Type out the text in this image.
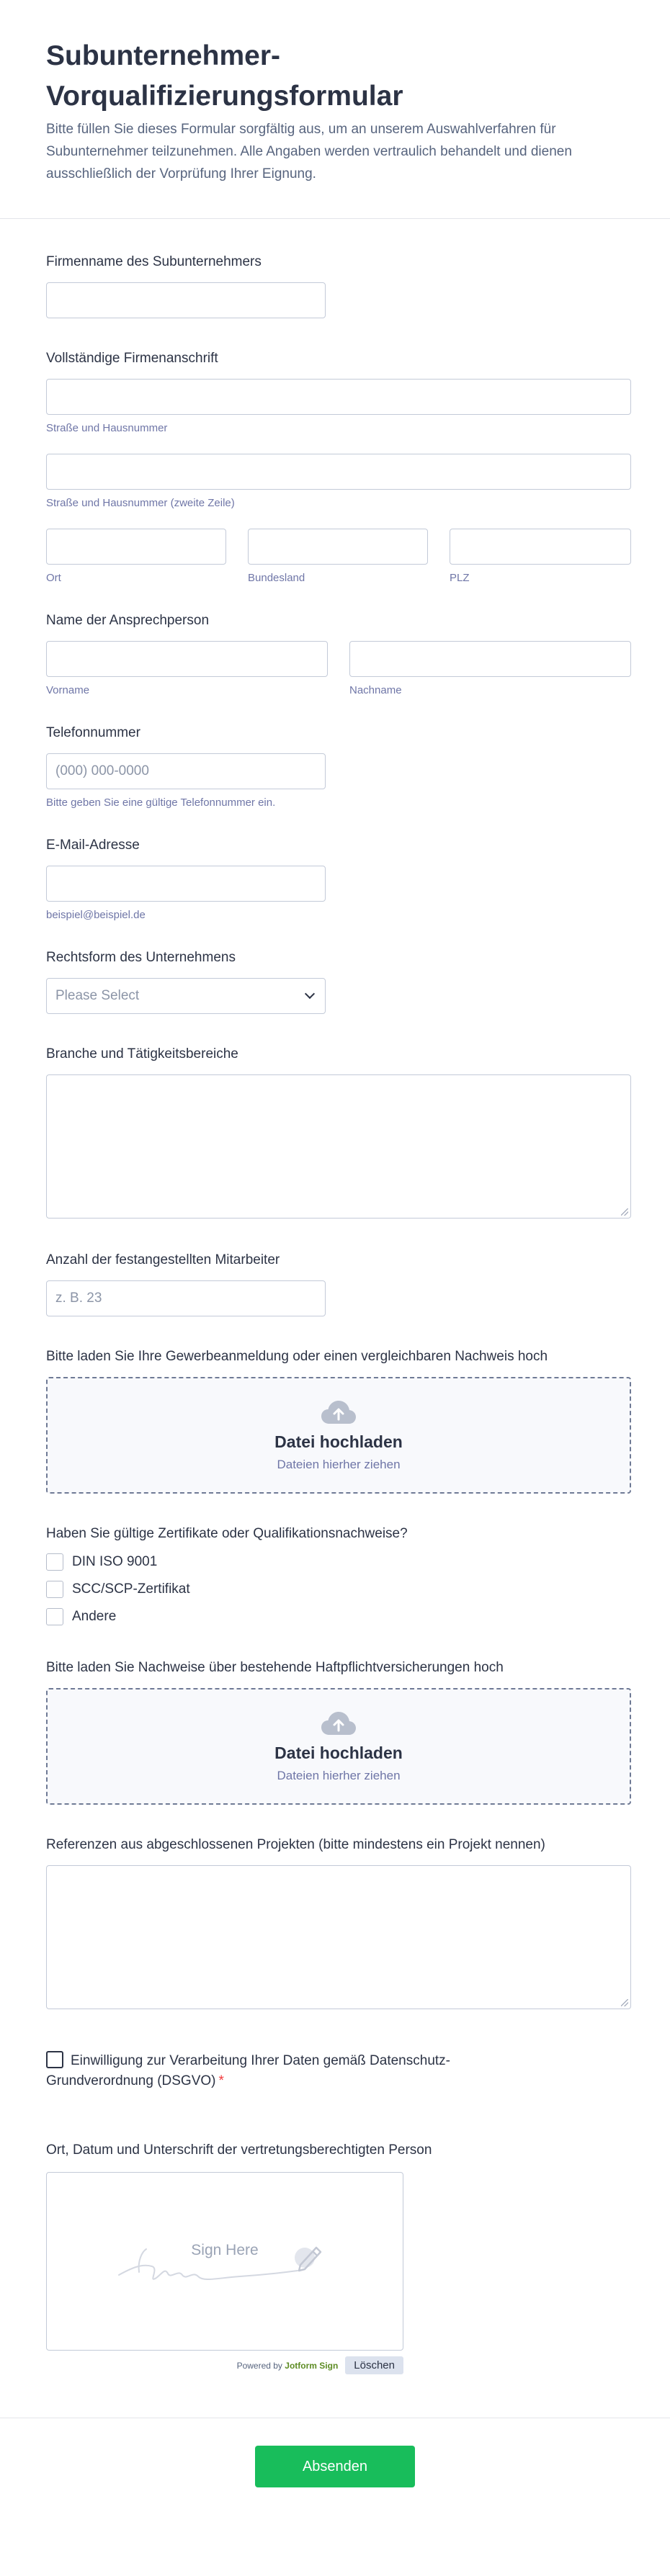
Subunternehmer-Vorqualifizierungsformular

Bitte füllen Sie dieses Formular sorgfältig aus, um an unserem Auswahlverfahren für Subunternehmer teilzunehmen. Alle Angaben werden vertraulich behandelt und dienen ausschließlich der Vorprüfung Ihrer Eignung.

Firmenname des Subunternehmers
Vollständige Firmenanschrift
Straße und Hausnummer
Straße und Hausnummer (zweite Zeile)
Ort	Bundesland	PLZ
Name der Ansprechperson
Vorname	Nachname
Telefonnummer
(000) 000-0000
Bitte geben Sie eine gültige Telefonnummer ein.
E-Mail-Adresse
beispiel@beispiel.de
Rechtsform des Unternehmens
Please Select
Branche und Tätigkeitsbereiche
Anzahl der festangestellten Mitarbeiter
z. B. 23
Bitte laden Sie Ihre Gewerbeanmeldung oder einen vergleichbaren Nachweis hoch
Datei hochladen
Dateien hierher ziehen
Haben Sie gültige Zertifikate oder Qualifikationsnachweise?
DIN ISO 9001
SCC/SCP-Zertifikat
Andere
Bitte laden Sie Nachweise über bestehende Haftpflichtversicherungen hoch
Datei hochladen
Dateien hierher ziehen
Referenzen aus abgeschlossenen Projekten (bitte mindestens ein Projekt nennen)
Einwilligung zur Verarbeitung Ihrer Daten gemäß Datenschutz-Grundverordnung (DSGVO) *
Ort, Datum und Unterschrift der vertretungsberechtigten Person
Sign Here
Powered by Jotform Sign	Löschen
Absenden
